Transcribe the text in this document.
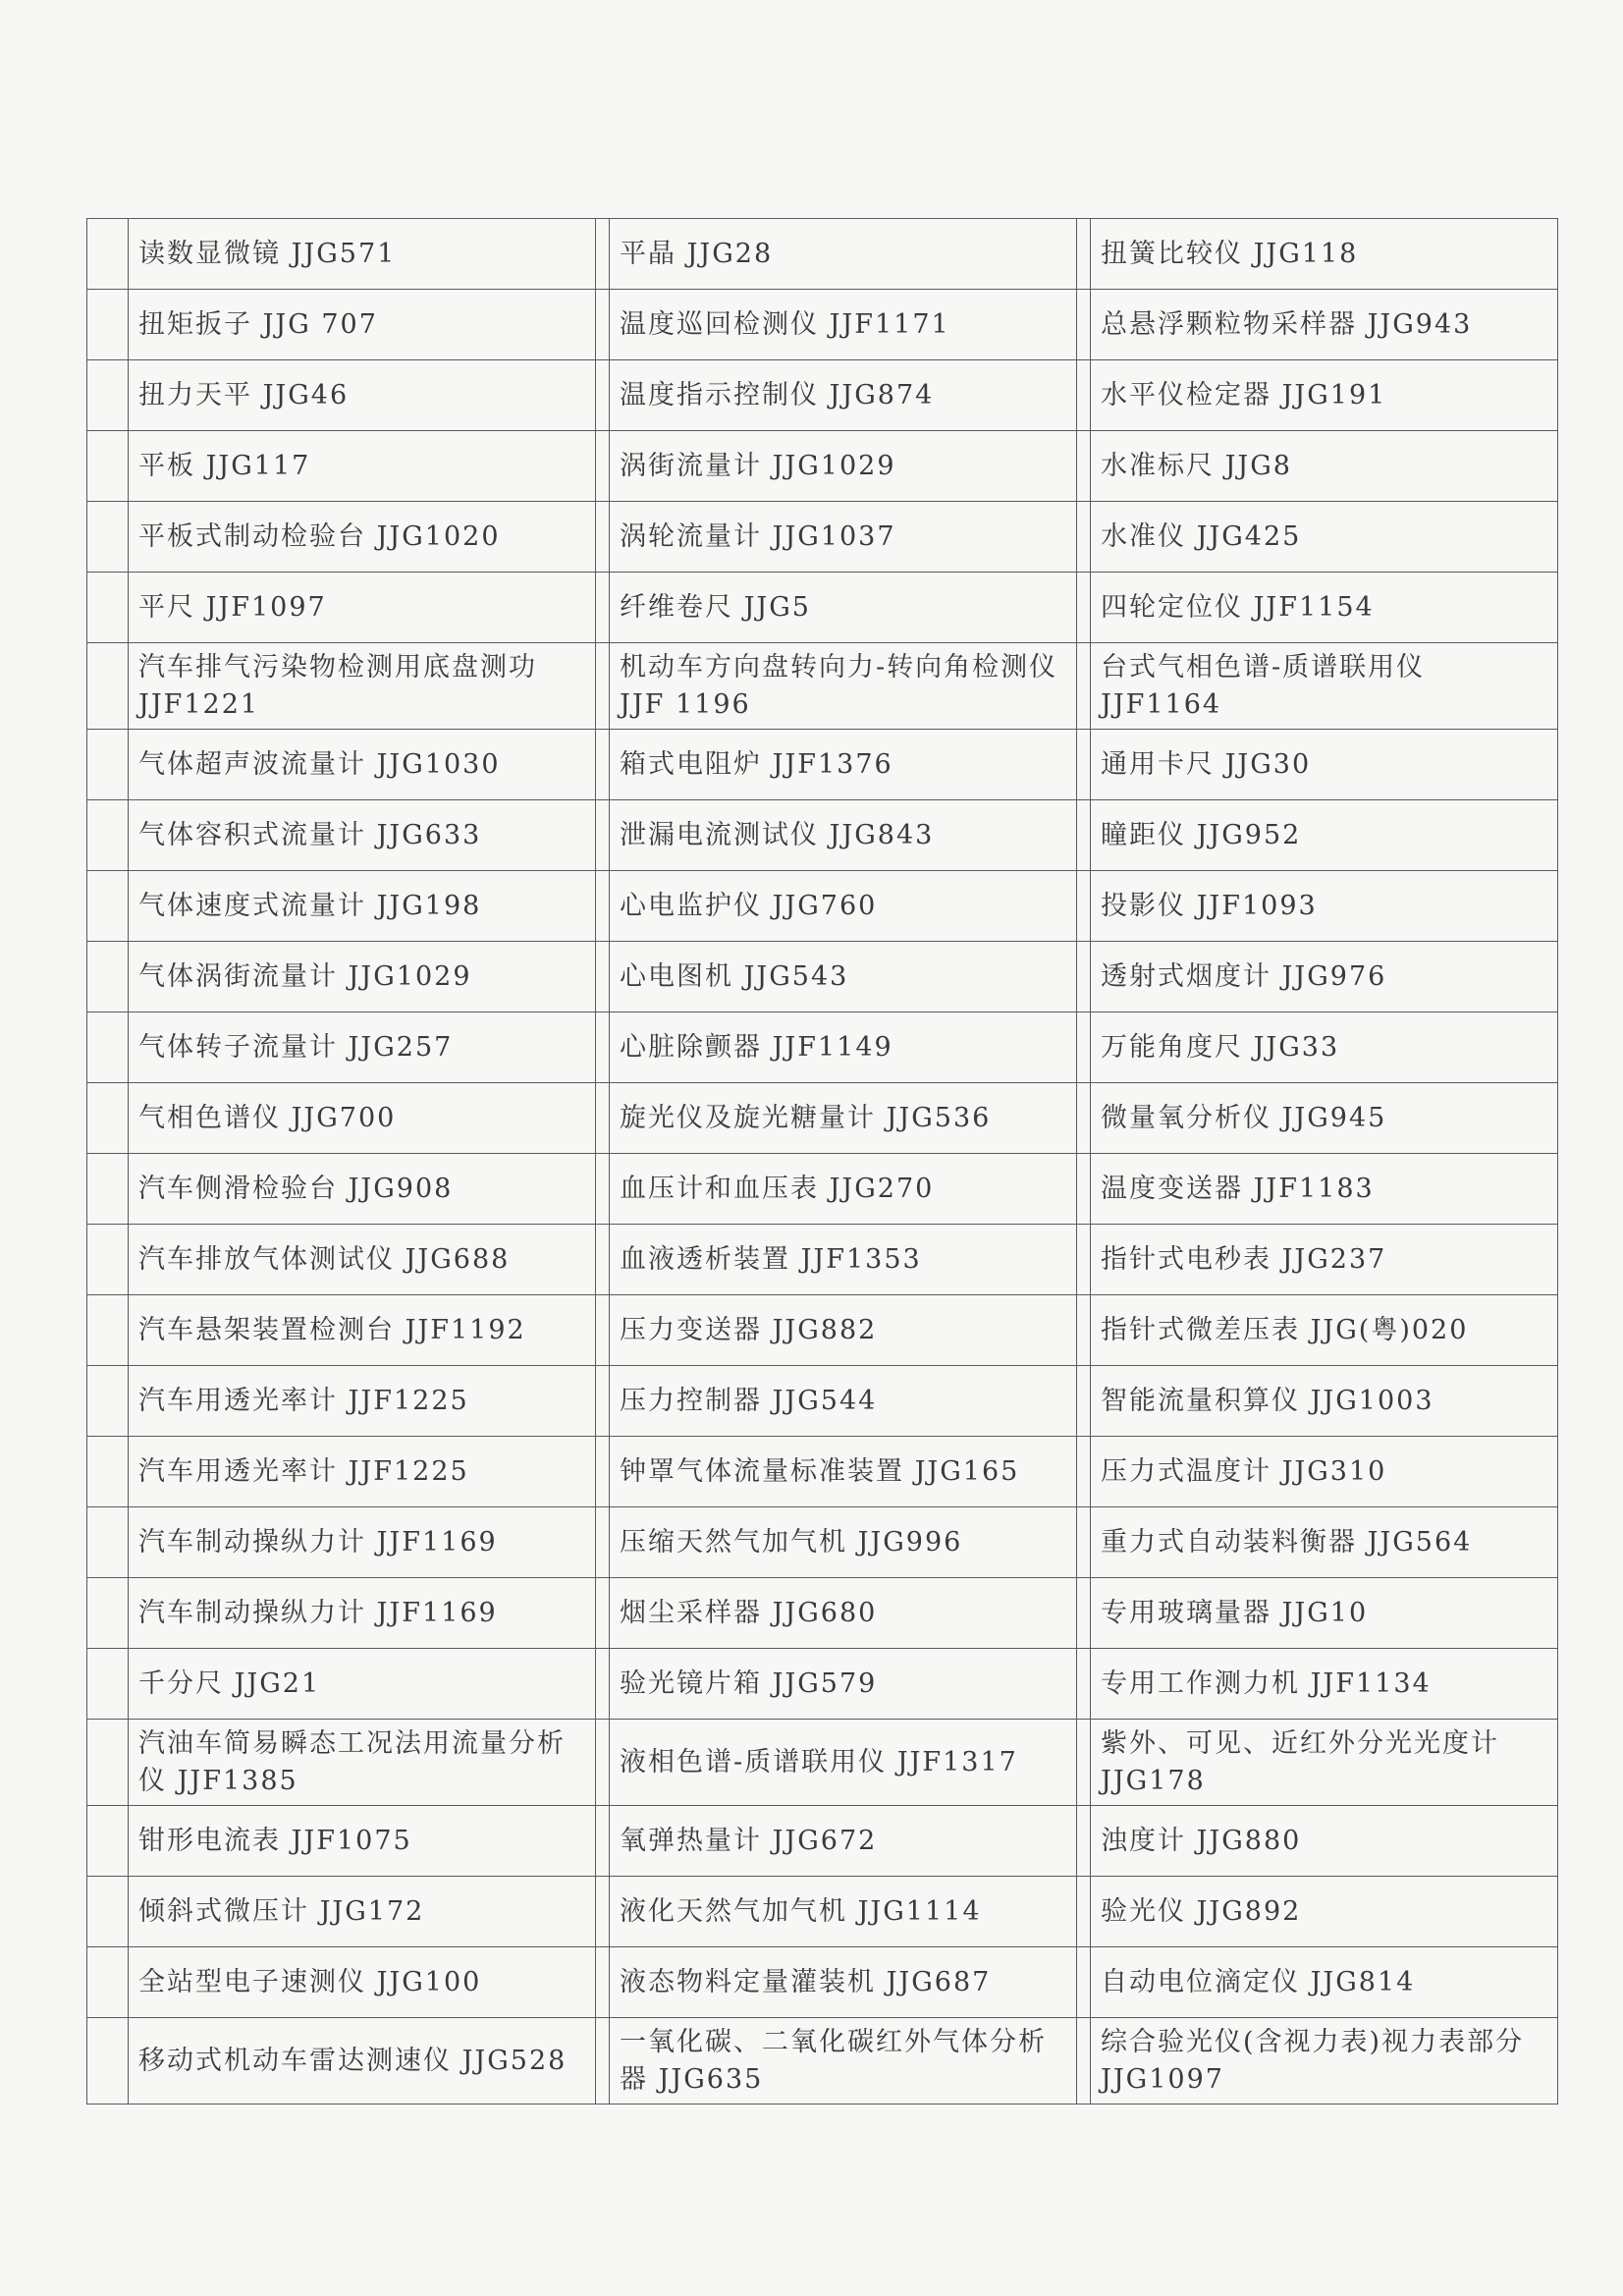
	读数显微镜 JJG571		平晶 JJG28		扭簧比较仪 JJG118
	扭矩扳子 JJG 707		温度巡回检测仪 JJF1171		总悬浮颗粒物采样器 JJG943
	扭力天平 JJG46		温度指示控制仪 JJG874		水平仪检定器 JJG191
	平板 JJG117		涡街流量计 JJG1029		水准标尺 JJG8
	平板式制动检验台 JJG1020		涡轮流量计 JJG1037		水准仪 JJG425
	平尺 JJF1097		纤维卷尺 JJG5		四轮定位仪 JJF1154
	汽车排气污染物检测用底盘测功 JJF1221		机动车方向盘转向力-转向角检测仪 JJF 1196		台式气相色谱-质谱联用仪 JJF1164
	气体超声波流量计 JJG1030		箱式电阻炉 JJF1376		通用卡尺 JJG30
	气体容积式流量计 JJG633		泄漏电流测试仪 JJG843		瞳距仪 JJG952
	气体速度式流量计 JJG198		心电监护仪 JJG760		投影仪 JJF1093
	气体涡街流量计 JJG1029		心电图机 JJG543		透射式烟度计 JJG976
	气体转子流量计 JJG257		心脏除颤器 JJF1149		万能角度尺 JJG33
	气相色谱仪 JJG700		旋光仪及旋光糖量计 JJG536		微量氧分析仪 JJG945
	汽车侧滑检验台 JJG908		血压计和血压表 JJG270		温度变送器 JJF1183
	汽车排放气体测试仪 JJG688		血液透析装置 JJF1353		指针式电秒表 JJG237
	汽车悬架装置检测台 JJF1192		压力变送器 JJG882		指针式微差压表 JJG(粤)020
	汽车用透光率计 JJF1225		压力控制器 JJG544		智能流量积算仪 JJG1003
	汽车用透光率计 JJF1225		钟罩气体流量标准装置 JJG165		压力式温度计 JJG310
	汽车制动操纵力计 JJF1169		压缩天然气加气机 JJG996		重力式自动装料衡器 JJG564
	汽车制动操纵力计 JJF1169		烟尘采样器 JJG680		专用玻璃量器 JJG10
	千分尺 JJG21		验光镜片箱 JJG579		专用工作测力机 JJF1134
	汽油车简易瞬态工况法用流量分析仪 JJF1385		液相色谱-质谱联用仪 JJF1317		紫外、可见、近红外分光光度计 JJG178
	钳形电流表 JJF1075		氧弹热量计 JJG672		浊度计 JJG880
	倾斜式微压计 JJG172		液化天然气加气机 JJG1114		验光仪 JJG892
	全站型电子速测仪 JJG100		液态物料定量灌装机 JJG687		自动电位滴定仪 JJG814
	移动式机动车雷达测速仪 JJG528		一氧化碳、二氧化碳红外气体分析器 JJG635		综合验光仪(含视力表)视力表部分 JJG1097
